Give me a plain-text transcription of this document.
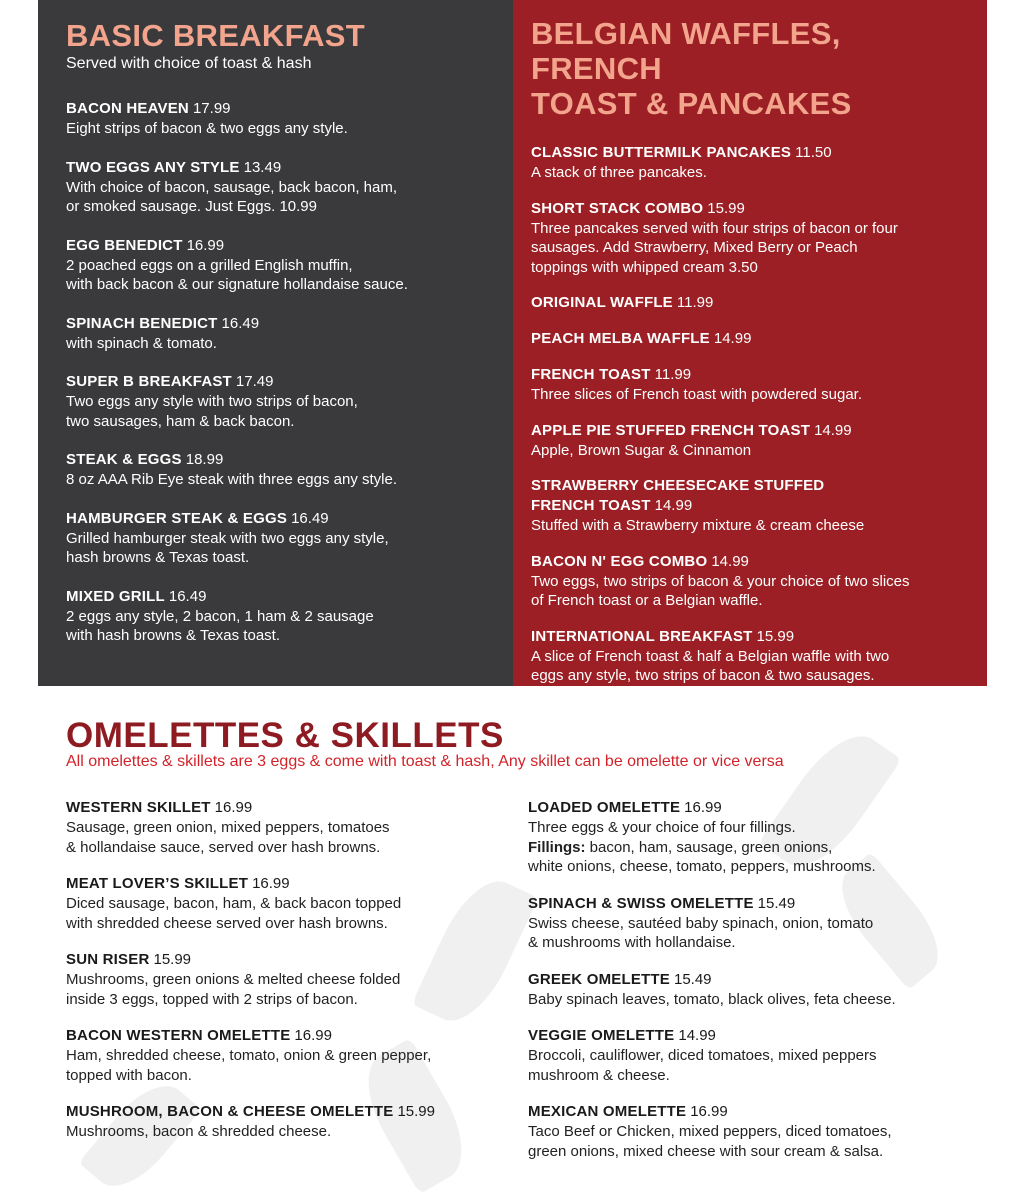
BASIC BREAKFAST

Served with choice of toast & hash

BACON HEAVEN 17.99
Eight strips of bacon & two eggs any style.
TWO EGGS ANY STYLE 13.49
With choice of bacon, sausage, back bacon, ham,
or smoked sausage. Just Eggs. 10.99
EGG BENEDICT 16.99
2 poached eggs on a grilled English muffin,
with back bacon & our signature hollandaise sauce.
SPINACH BENEDICT 16.49
with spinach & tomato.
SUPER B BREAKFAST 17.49
Two eggs any style with two strips of bacon,
two sausages, ham & back bacon.
STEAK & EGGS 18.99
8 oz AAA Rib Eye steak with three eggs any style.
HAMBURGER STEAK & EGGS 16.49
Grilled hamburger steak with two eggs any style,
hash browns & Texas toast.
MIXED GRILL 16.49
2 eggs any style, 2 bacon, 1 ham & 2 sausage
with hash browns & Texas toast.
BELGIAN WAFFLES, FRENCH
TOAST & PANCAKES
CLASSIC BUTTERMILK PANCAKES 11.50
A stack of three pancakes.
SHORT STACK COMBO 15.99
Three pancakes served with four strips of bacon or four
sausages. Add Strawberry, Mixed Berry or Peach
toppings with whipped cream 3.50
ORIGINAL WAFFLE 11.99
PEACH MELBA WAFFLE 14.99
FRENCH TOAST 11.99
Three slices of French toast with powdered sugar.
APPLE PIE STUFFED FRENCH TOAST 14.99
Apple, Brown Sugar & Cinnamon
STRAWBERRY CHEESECAKE STUFFED
FRENCH TOAST 14.99
Stuffed with a Strawberry mixture & cream cheese
BACON N' EGG COMBO 14.99
Two eggs, two strips of bacon & your choice of two slices
of French toast or a Belgian waffle.
INTERNATIONAL BREAKFAST 15.99
A slice of French toast & half a Belgian waffle with two
eggs any style, two strips of bacon & two sausages.
OMELETTES & SKILLETS

All omelettes & skillets are 3 eggs & come with toast & hash, Any skillet can be omelette or vice versa

WESTERN SKILLET 16.99
Sausage, green onion, mixed peppers, tomatoes
& hollandaise sauce, served over hash browns.
MEAT LOVER’S SKILLET 16.99
Diced sausage, bacon, ham, & back bacon topped
with shredded cheese served over hash browns.
SUN RISER 15.99
Mushrooms, green onions & melted cheese folded
inside 3 eggs, topped with 2 strips of bacon.
BACON WESTERN OMELETTE 16.99
Ham, shredded cheese, tomato, onion & green pepper,
topped with bacon.
MUSHROOM, BACON & CHEESE OMELETTE 15.99
Mushrooms, bacon & shredded cheese.
LOADED OMELETTE 16.99
Three eggs & your choice of four fillings.
Fillings: bacon, ham, sausage, green onions,
white onions, cheese, tomato, peppers, mushrooms.
SPINACH & SWISS OMELETTE 15.49
Swiss cheese, sautéed baby spinach, onion, tomato
& mushrooms with hollandaise.
GREEK OMELETTE 15.49
Baby spinach leaves, tomato, black olives, feta cheese.
VEGGIE OMELETTE 14.99
Broccoli, cauliflower, diced tomatoes, mixed peppers
mushroom & cheese.
MEXICAN OMELETTE 16.99
Taco Beef or Chicken, mixed peppers, diced tomatoes,
green onions, mixed cheese with sour cream & salsa.
